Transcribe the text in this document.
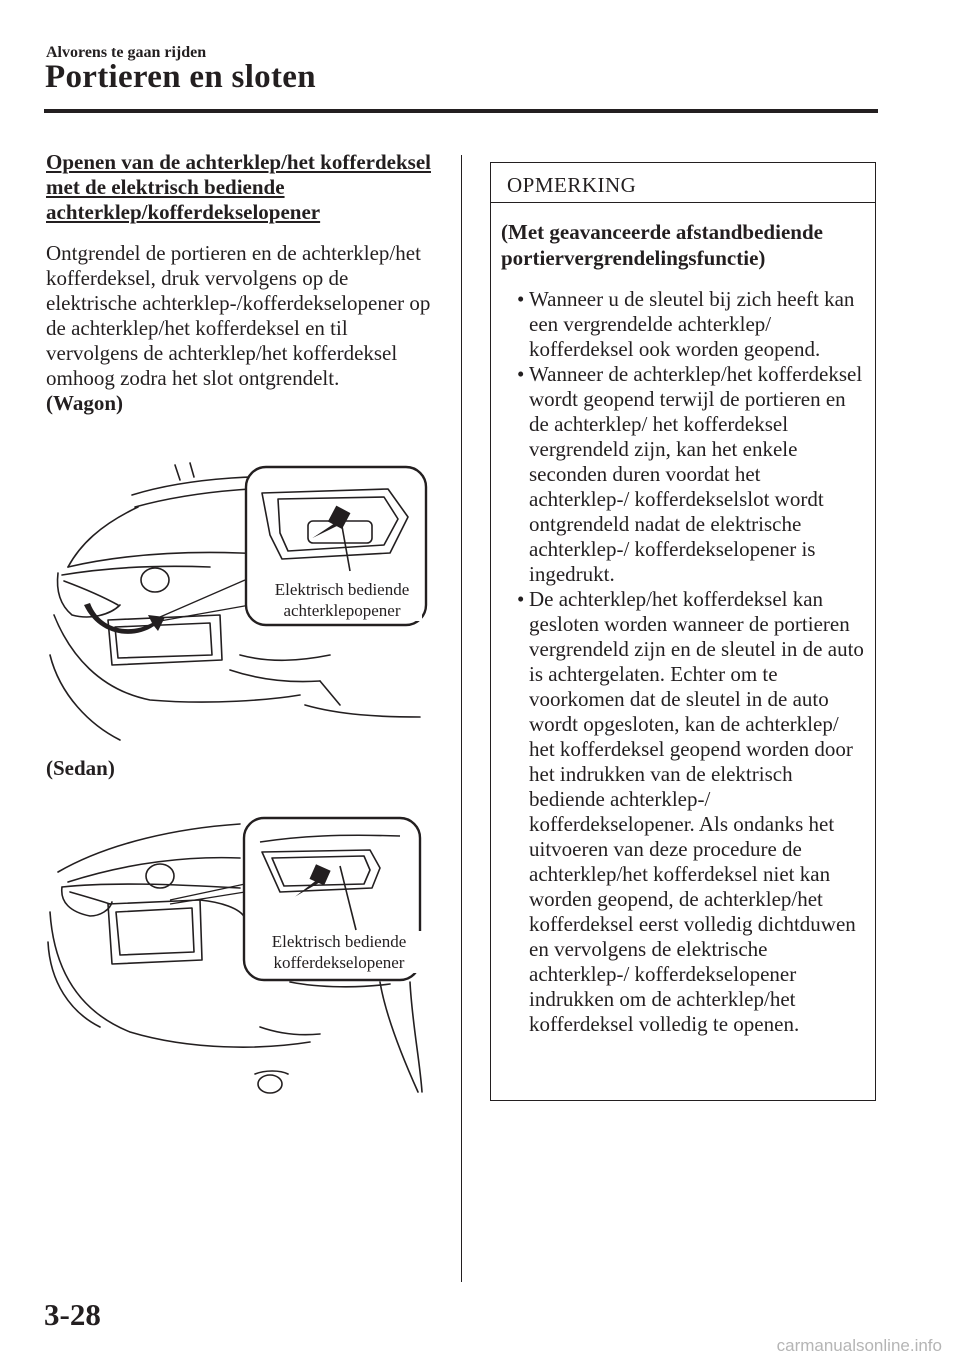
Alvorens te gaan rijden
Portieren en sloten

Openen van de achterklep/het kofferdeksel met de elektrisch bediende achterklep/kofferdekselopener

Ontgrendel de portieren en de achterklep/het kofferdeksel, druk vervolgens op de elektrische achterklep-/kofferdekselopener op de achterklep/het kofferdeksel en til vervolgens de achterklep/het kofferdeksel omhoog zodra het slot ontgrendelt.

(Wagon)
Elektrisch bediende
achterklepopener
(Sedan)
Elektrisch bediende
kofferdekselopener
OPMERKING

(Met geavanceerde afstandbediende portiervergrendelingsfunctie)

• Wanneer u de sleutel bij zich heeft kan een vergrendelde achterklep/ kofferdeksel ook worden geopend.
• Wanneer de achterklep/het kofferdeksel wordt geopend terwijl de portieren en de achterklep/ het kofferdeksel vergrendeld zijn, kan het enkele seconden duren voordat het achterklep-/ kofferdekselslot wordt ontgrendeld nadat de elektrische achterklep-/ kofferdekselopener is ingedrukt.
• De achterklep/het kofferdeksel kan gesloten worden wanneer de portieren vergrendeld zijn en de sleutel in de auto is achtergelaten. Echter om te voorkomen dat de sleutel in de auto wordt opgesloten, kan de achterklep/ het kofferdeksel geopend worden door het indrukken van de elektrisch bediende achterklep-/ kofferdekselopener. Als ondanks het uitvoeren van deze procedure de achterklep/het kofferdeksel niet kan worden geopend, de achterklep/het kofferdeksel eerst volledig dichtduwen en vervolgens de elektrische achterklep-/ kofferdekselopener indrukken om de achterklep/het kofferdeksel volledig te openen.
3-28
carmanualsonline.info
